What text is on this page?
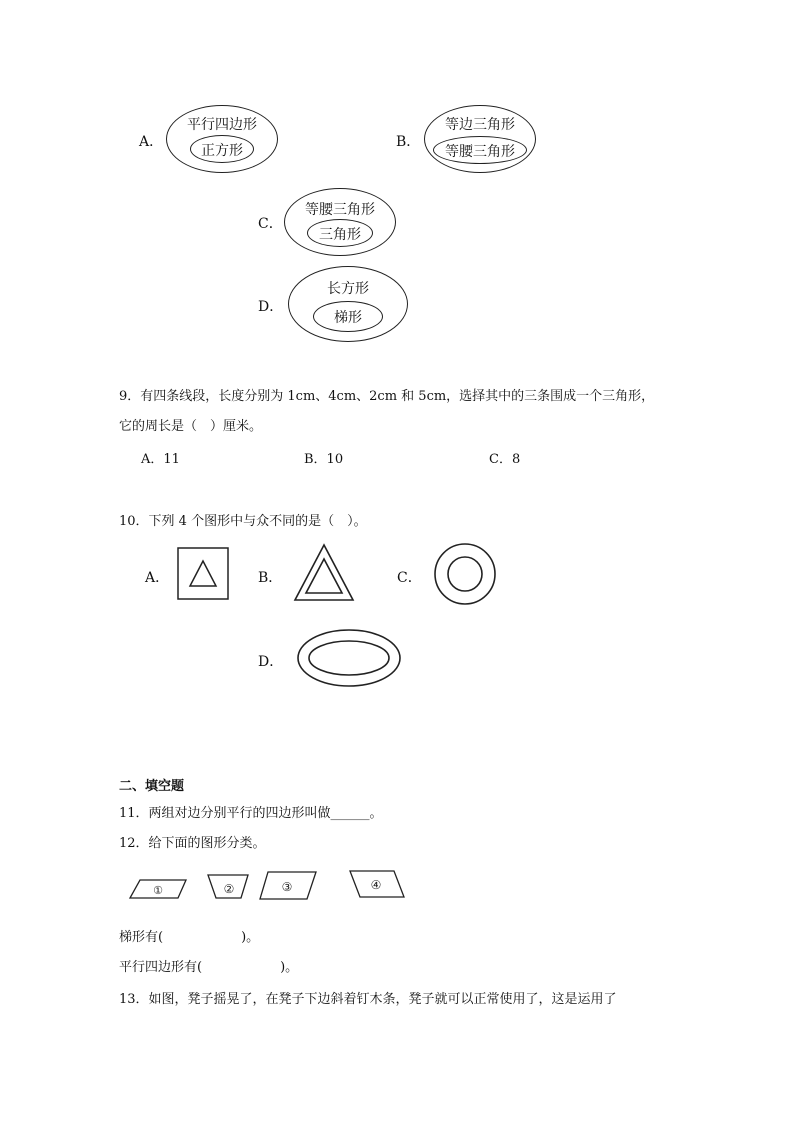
A．
平行四边形
正方形
B．
等边三角形
等腰三角形
C．
等腰三角形
三角形
D．
长方形
梯形
9．有四条线段，长度分别为 1cm、4cm、2cm 和 5cm，选择其中的三条围成一个三角形，
它的周长是（　）厘米。
A．11	B．10	C．8
10．下列 4 个图形中与众不同的是（　）。
A．	B．	C．
D．
二、填空题
11．两组对边分别平行的四边形叫做______。
12．给下面的图形分类。
①	②	③	④
梯形有(　　　　　　)。
平行四边形有(　　　　　　)。
13．如图，凳子摇晃了，在凳子下边斜着钉木条，凳子就可以正常使用了，这是运用了
